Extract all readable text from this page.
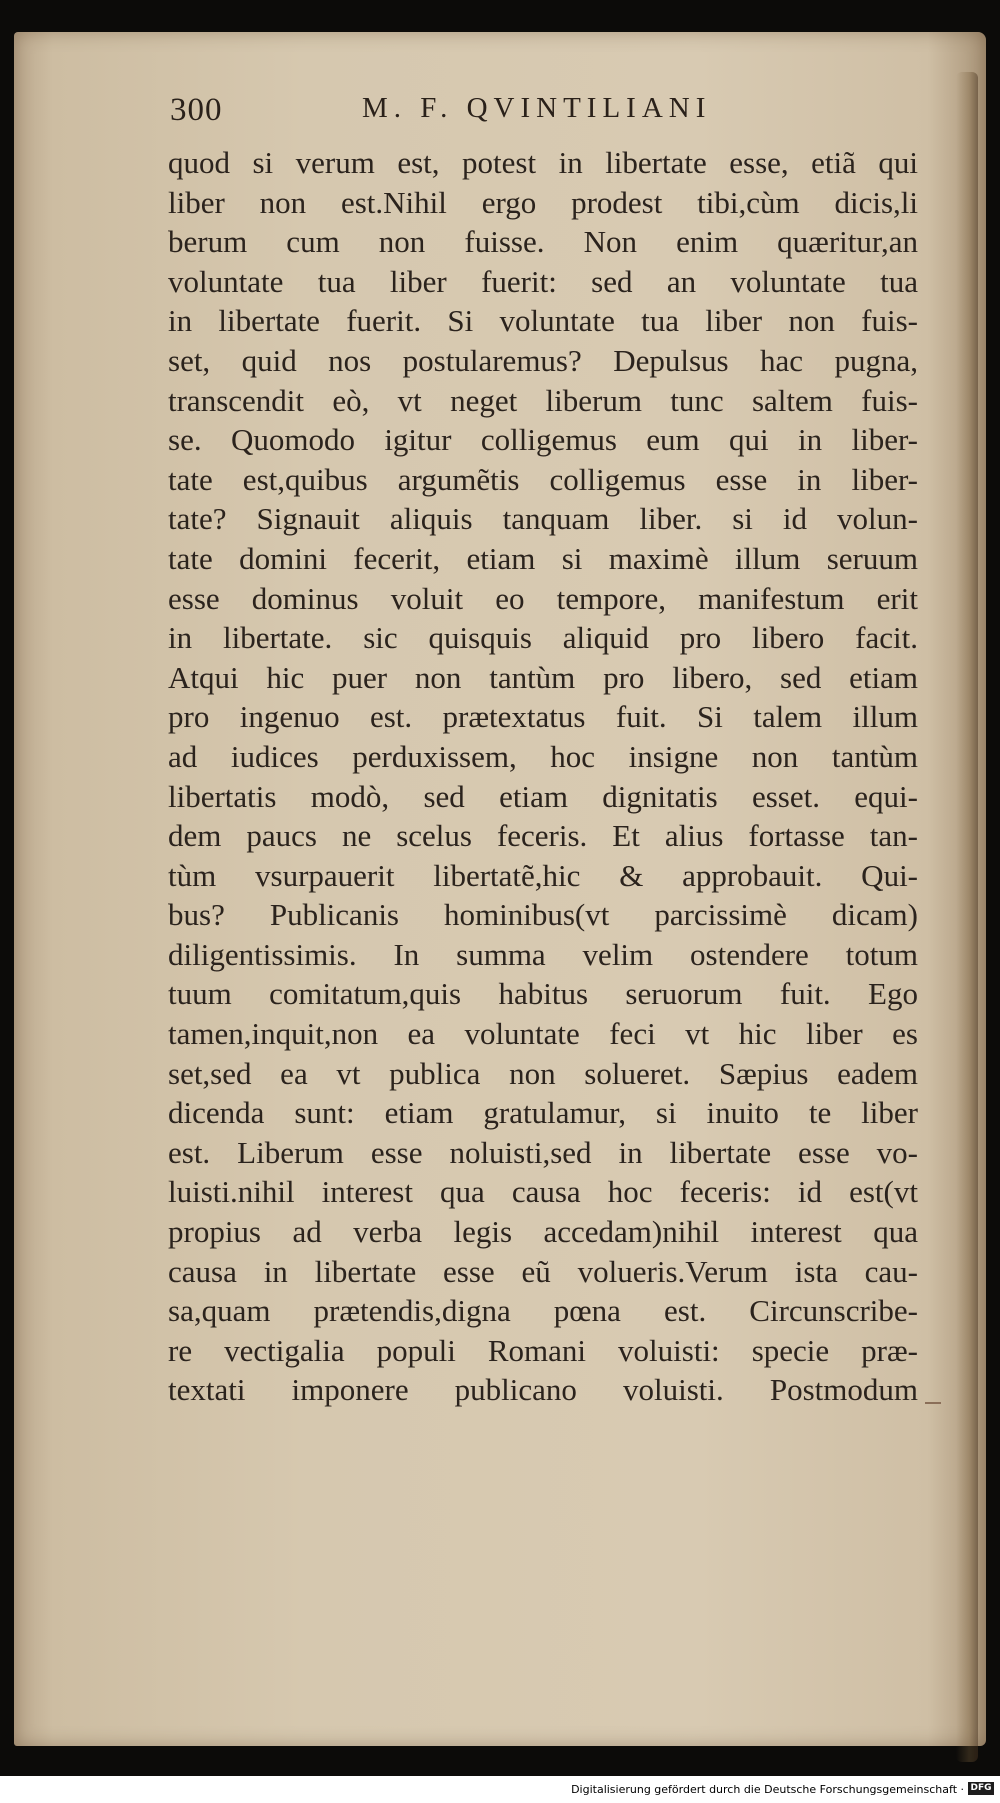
300	M. F. QVINTILIANI
quod si verum est, potest in libertate esse, etiã qui
liber non est.Nihil ergo prodest tibi,cùm dicis,li
berum cum non fuisse. Non enim quæritur,an
voluntate tua liber fuerit: sed an voluntate tua
in libertate fuerit. Si voluntate tua liber non fuis-
set, quid nos postularemus? Depulsus hac pugna,
transcendit eò, vt neget liberum tunc saltem fuis-
se. Quomodo igitur colligemus eum qui in liber-
tate est,quibus argumẽtis colligemus esse in liber-
tate? Signauit aliquis tanquam liber. si id volun-
tate domini fecerit, etiam si maximè illum seruum
esse dominus voluit eo tempore, manifestum erit
in libertate. sic quisquis aliquid pro libero facit.
Atqui hic puer non tantùm pro libero, sed etiam
pro ingenuo est. prætextatus fuit. Si talem illum
ad iudices perduxissem, hoc insigne non tantùm
libertatis modò, sed etiam dignitatis esset. equi-
dem paucs ne scelus feceris. Et alius fortasse tan-
tùm vsurpauerit libertatẽ,hic & approbauit. Qui-
bus? Publicanis hominibus(vt parcissimè dicam)
diligentissimis. In summa velim ostendere totum
tuum comitatum,quis habitus seruorum fuit. Ego
tamen,inquit,non ea voluntate feci vt hic liber es
set,sed ea vt publica non solueret. Sæpius eadem
dicenda sunt: etiam gratulamur, si inuito te liber
est. Liberum esse noluisti,sed in libertate esse vo-
luisti.nihil interest qua causa hoc feceris: id est(vt
propius ad verba legis accedam)nihil interest qua
causa in libertate esse eũ volueris.Verum ista cau-
sa,quam prætendis,digna pœna est. Circunscribe-
re vectigalia populi Romani voluisti: specie præ-
textati imponere publicano voluisti. Postmodum
Digitalisierung gefördert durch die Deutsche Forschungsgemeinschaft · DFG
